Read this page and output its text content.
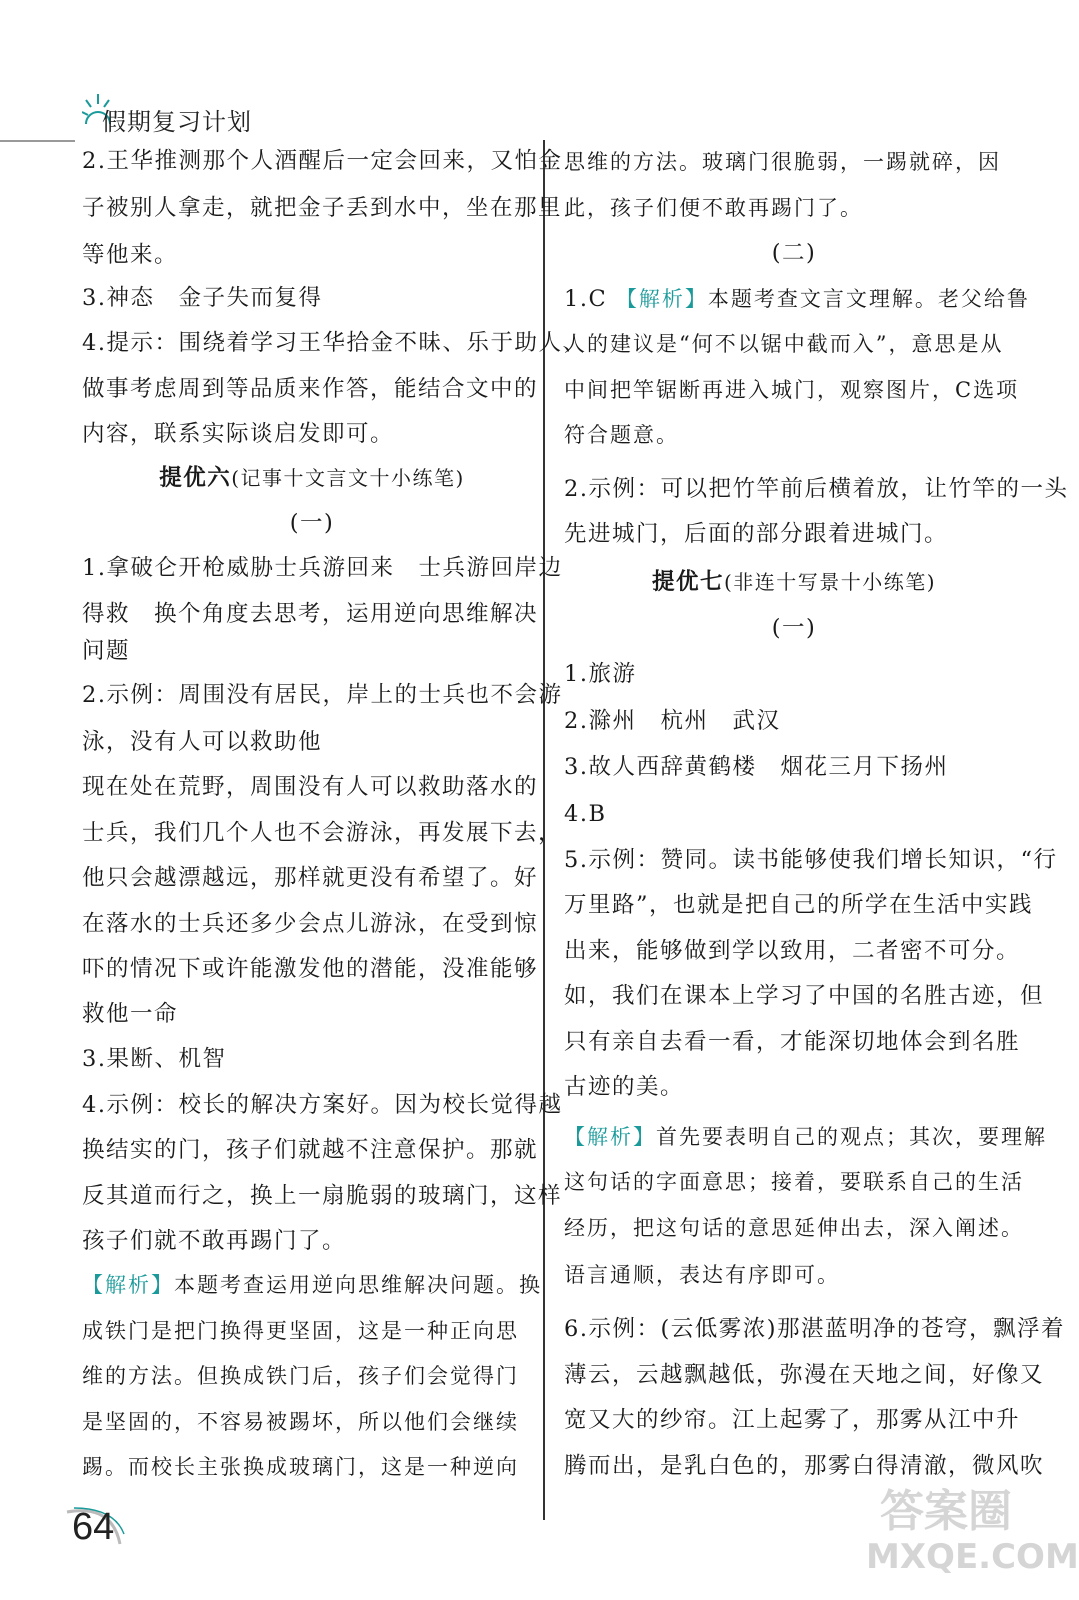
假期复习计划
2.王华推测那个人酒醒后一定会回来，又怕金
子被别人拿走，就把金子丢到水中，坐在那里
等他来。
3.神态　金子失而复得
4.提示：围绕着学习王华拾金不昧、乐于助人、
做事考虑周到等品质来作答，能结合文中的
内容，联系实际谈启发即可。
提优六(记事十文言文十小练笔)
(一)
1.拿破仑开枪威胁士兵游回来　士兵游回岸边
得救　换个角度去思考，运用逆向思维解决
问题
2.示例：周围没有居民，岸上的士兵也不会游
泳，没有人可以救助他
现在处在荒野，周围没有人可以救助落水的
士兵，我们几个人也不会游泳，再发展下去，
他只会越漂越远，那样就更没有希望了。好
在落水的士兵还多少会点儿游泳，在受到惊
吓的情况下或许能激发他的潜能，没准能够
救他一命
3.果断、机智
4.示例：校长的解决方案好。因为校长觉得越
换结实的门，孩子们就越不注意保护。那就
反其道而行之，换上一扇脆弱的玻璃门，这样
孩子们就不敢再踢门了。
【解析】本题考查运用逆向思维解决问题。换
成铁门是把门换得更坚固，这是一种正向思
维的方法。但换成铁门后，孩子们会觉得门
是坚固的，不容易被踢坏，所以他们会继续
踢。而校长主张换成玻璃门，这是一种逆向
思维的方法。玻璃门很脆弱，一踢就碎，因
此，孩子们便不敢再踢门了。
(二)
1.C 【解析】本题考查文言文理解。老父给鲁
人的建议是“何不以锯中截而入”，意思是从
中间把竿锯断再进入城门，观察图片，C选项
符合题意。
2.示例：可以把竹竿前后横着放，让竹竿的一头
先进城门，后面的部分跟着进城门。
提优七(非连十写景十小练笔)
(一)
1.旅游
2.滁州　杭州　武汉
3.故人西辞黄鹤楼　烟花三月下扬州
4.B
5.示例：赞同。读书能够使我们增长知识，“行
万里路”，也就是把自己的所学在生活中实践
出来，能够做到学以致用，二者密不可分。
如，我们在课本上学习了中国的名胜古迹，但
只有亲自去看一看，才能深切地体会到名胜
古迹的美。
【解析】首先要表明自己的观点；其次，要理解
这句话的字面意思；接着，要联系自己的生活
经历，把这句话的意思延伸出去，深入阐述。
语言通顺，表达有序即可。
6.示例：(云低雾浓)那湛蓝明净的苍穹，飘浮着
薄云，云越飘越低，弥漫在天地之间，好像又
宽又大的纱帘。江上起雾了，那雾从江中升
腾而出，是乳白色的，那雾白得清澈，微风吹
64	答案圈
MXQE.COM
